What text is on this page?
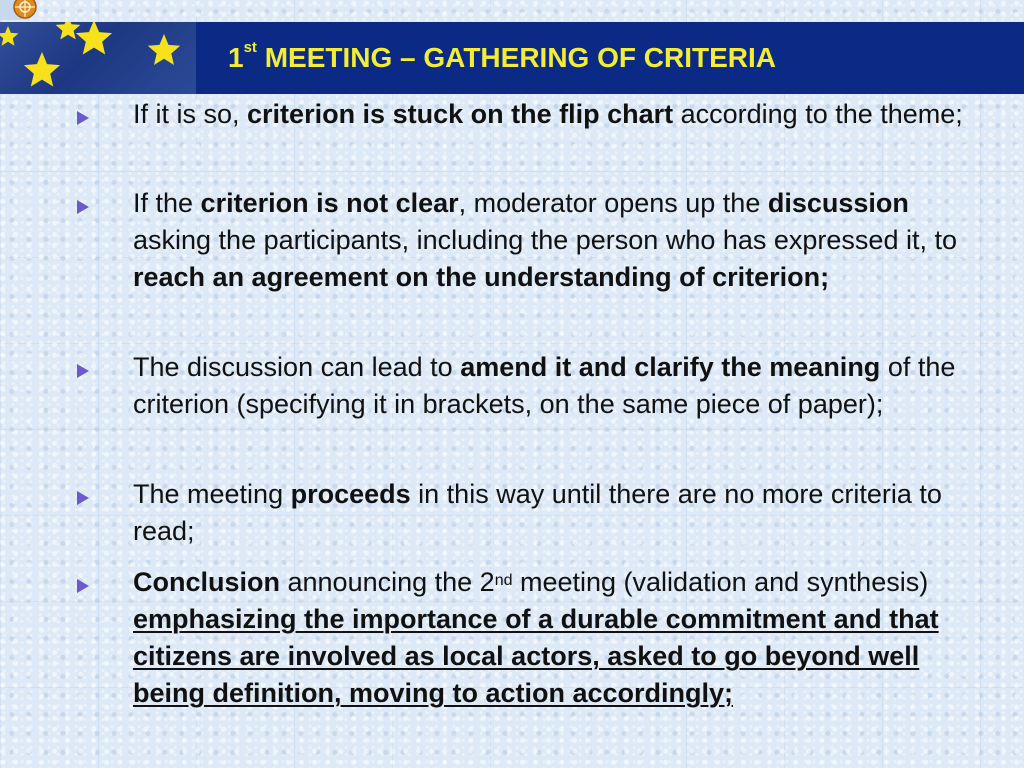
1st MEETING – GATHERING OF CRITERIA
If it is so, criterion is stuck on the flip chart according to the theme;
If the criterion is not clear, moderator opens up the discussion asking the participants, including the person who has expressed it, to reach an agreement on the understanding of criterion;
The discussion can lead to amend it and clarify the meaning of the criterion (specifying it in brackets, on the same piece of paper);
The meeting proceeds in this way until there are no more criteria to read;
Conclusion announcing the 2nd meeting (validation and synthesis) emphasizing the importance of a durable commitment and that citizens are involved as local actors, asked to go beyond well being definition, moving to action accordingly;
